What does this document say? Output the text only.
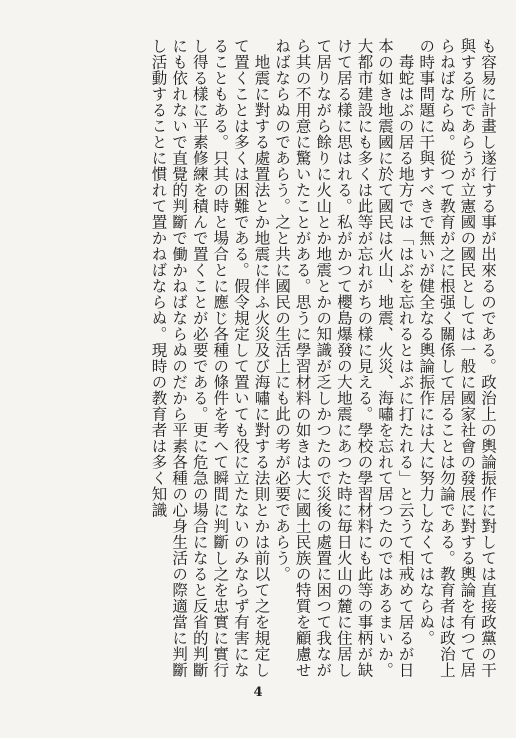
も容易に計畫し遂行する事が出來るのである。政治上の輿論振作に對しては直接政黨の干與する所であらうが立憲國の國民としては一般に國家社會の發展に對する輿論を有つて居らねばならぬ。從つて教育が之に根强く關係して居ることは勿論である。教育者は政治上の時事問題に干與すべきで無いが健全なる輿論振作には大に努力しなくてはならぬ。

毒蛇はぶの居る地方では「はぶを忘れるとはぶに打たれる」と云うて相戒めて居るが日本の如き地震國に於て國民は火山、地震、火災、海嘯を忘れて居つたのではあるまいか。大都市建設にも多くは此等が忘れがちの樣に見える。學校の學習材料にも此等の事柄が缺けて居る樣に思はれる。私がかつて櫻島爆發の大地震にあつた時に毎日火山の麓に住居して居りながら餘りに火山とか地震とかの知識が乏しかつたので災後の處置に困つて我ながら其の不用意に驚いたことがある。思うに學習材料の如きは大に國土民族の特質を顧慮せねばならぬのであらう。之と共に國民の生活上にも此の考が必要であらう。

地震に對する處置法とか地震に伴ふ火災及び海嘯に對する法則とかは前以て之を規定して置くことは多くは困難である。假令規定して置いても役に立たないのみならず有害になることもある。只其の時と場合とに應じ各種の條件を考へて瞬間に判斷し之を忠實に實行し得る樣に平素修練を積んで置くことが必要である。更に危急の場合になると反省的判斷にも依れないで直覺的判斷で働かねばならぬのだから平素各種の心身生活の際適當に判斷し活動することに慣れて置かねばならぬ。現時の教育者は多く知識

4
